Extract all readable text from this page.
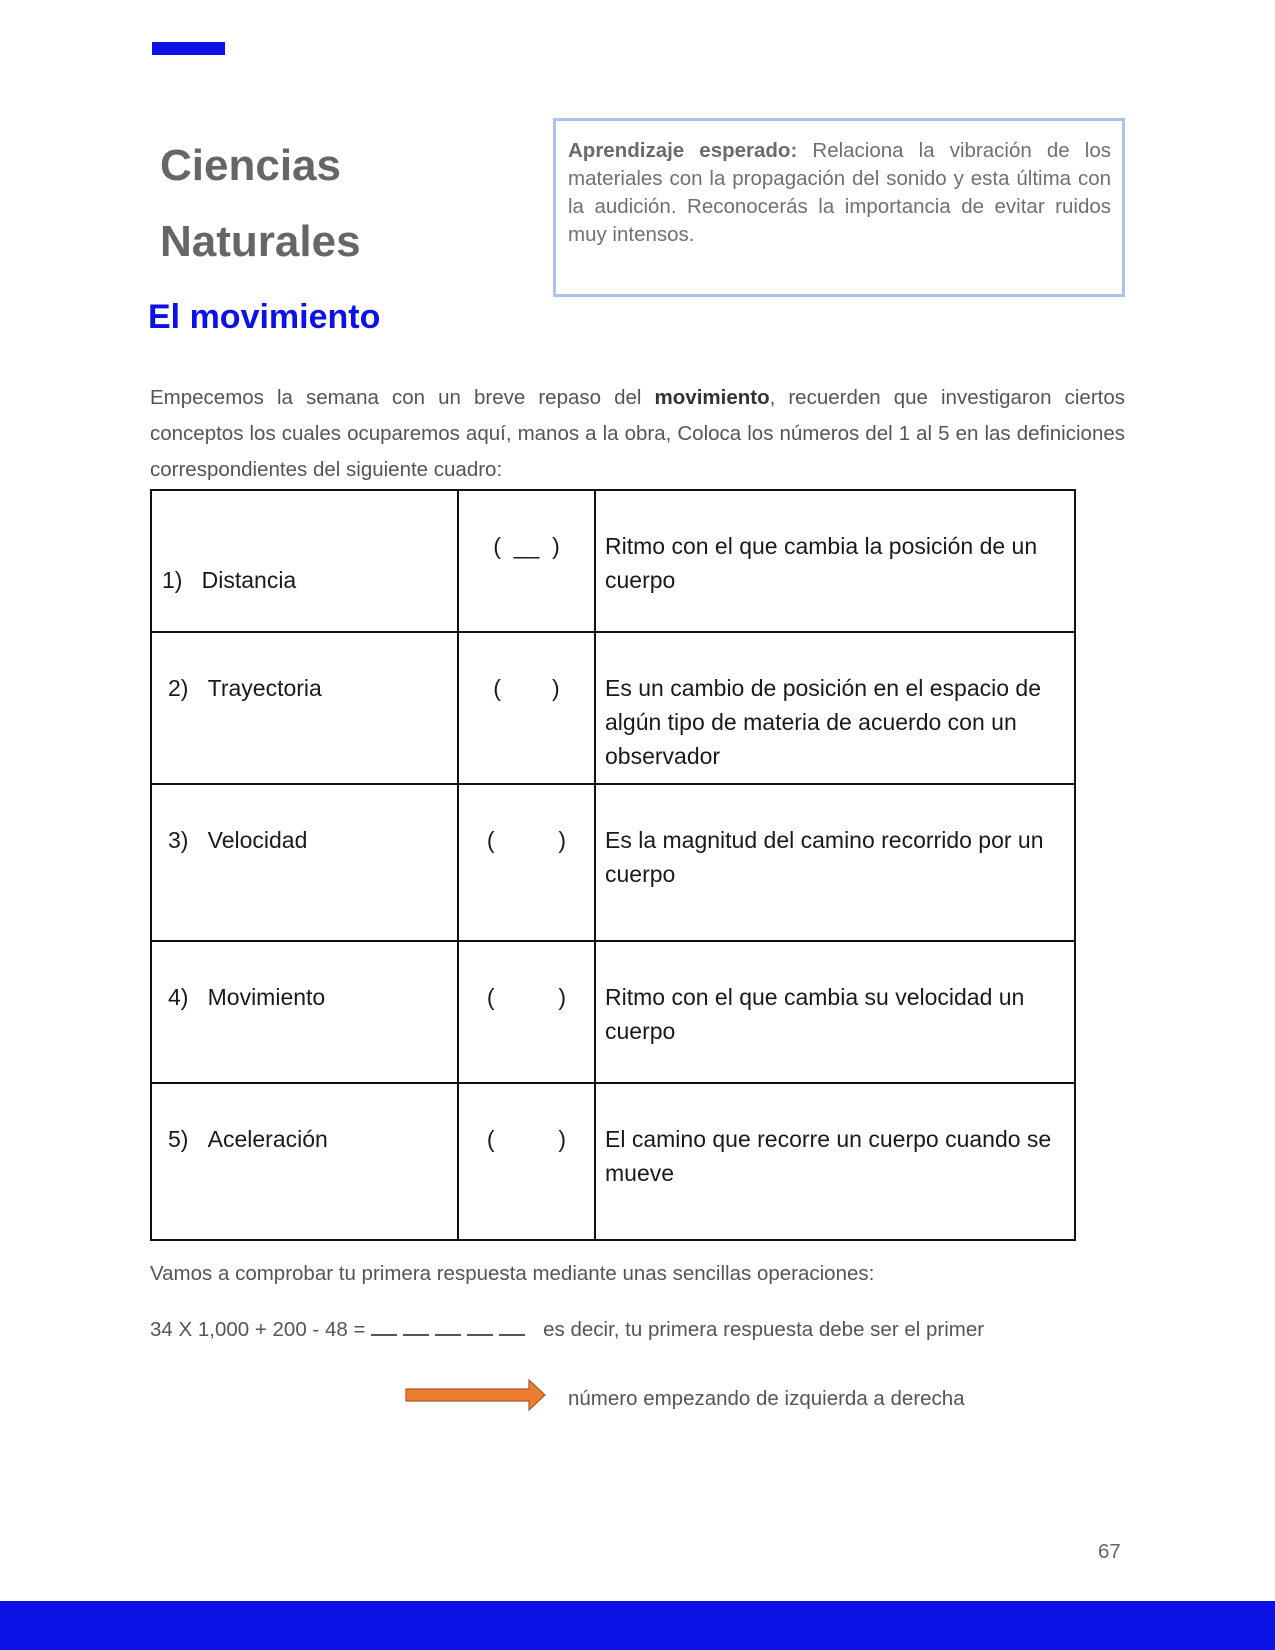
Ciencias
Naturales
Aprendizaje esperado: Relaciona la vibración de los materiales con la propagación del sonido y esta última con la audición. Reconocerás la importancia de evitar ruidos muy intensos.
El movimiento

Empecemos la semana con un breve repaso del movimiento, recuerden que investigaron ciertos conceptos los cuales ocuparemos aquí, manos a la obra, Coloca los números del 1 al 5 en las definiciones correspondientes del siguiente cuadro:

1) Distancia	(  __  )	Ritmo con el que cambia la posición de un cuerpo

2) Trayectoria	(        )	Es un cambio de posición en el espacio de algún tipo de materia de acuerdo con un observador

3) Velocidad	(          )	Es la magnitud del camino recorrido por un cuerpo

4) Movimiento	(          )	Ritmo con el que cambia su velocidad un cuerpo

5) Aceleración	(          )	El camino que recorre un cuerpo cuando se mueve

Vamos a comprobar tu primera respuesta mediante unas sencillas operaciones:

34 X 1,000 + 200 - 48 =	es decir, tu primera respuesta debe ser el primer

número empezando de izquierda a derecha

67
